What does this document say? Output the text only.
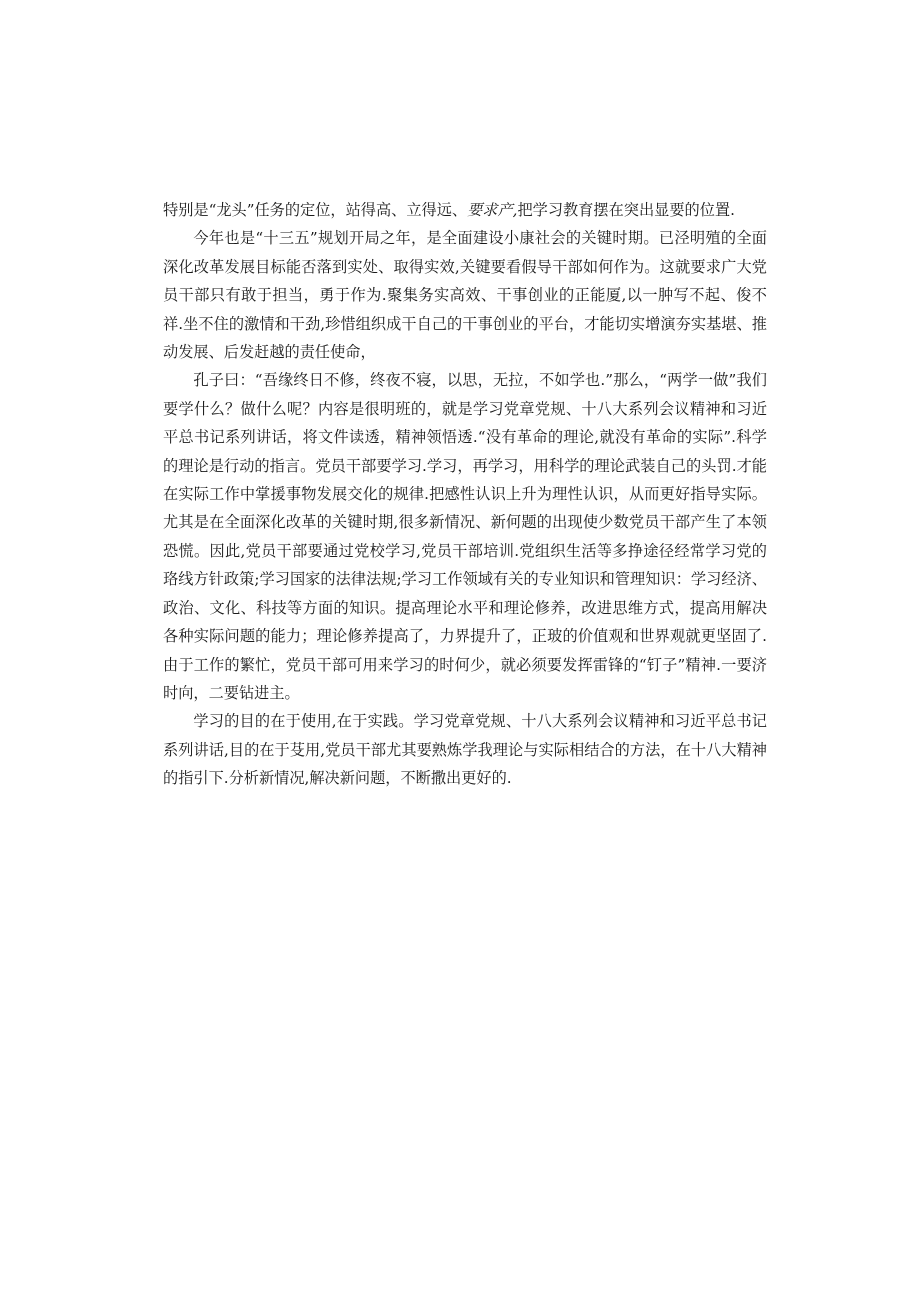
特别是“龙头”任务的定位，站得高、立得远、要求产,把学习教育摆在突出显要的位置.

今年也是“十三五”规划开局之年，是全面建设小康社会的关键时期。已泾明殖的全面深化改革发展目标能否落到实处、取得实效,关键要看假导干部如何作为。这就要求广大党员干部只有敢于担当，勇于作为.聚集务实高效、干事创业的正能厦,以一肿写不起、俊不祥.坐不住的激情和干劲,珍惜组织成干自己的干事创业的平台，才能切实增演夯实基堪、推动发展、后发赶越的责任使命，

孔子曰：“吾缘终日不修，终夜不寝，以思，无拉，不如学也.”那么，“两学一做”我们要学什么？做什么呢？内容是很明班的，就是学习党章党规、十八大系列会议精神和习近平总书记系列讲话，将文件读透，精神领悟透.“没有革命的理论,就没有革命的实际”.科学的理论是行动的指言。党员干部要学习.学习，再学习，用科学的理论武装自己的头罚.才能在实际工作中掌援事物发展交化的规律.把感性认识上升为理性认识，从而更好指导实际。尤其是在全面深化改革的关键时期,很多新情况、新何题的出现使少数党员干部产生了本领恐慌。因此,党员干部要通过党校学习,党员干部培训.党组织生活等多挣途径经常学习党的珞线方针政策;学习国家的法律法规;学习工作领域有关的专业知识和管理知识：学习经济、政治、文化、科技等方面的知识。提高理论水平和理论修养，改进思维方式，提高用解决各种实际问题的能力；理论修养提高了，力界提升了，正玻的价值观和世界观就更坚固了.由于工作的繁忙，党员干部可用来学习的时何少，就必须要发挥雷锋的“钉子”精神.一要济时向，二要钻进主。

学习的目的在于使用,在于实践。学习党章党规、十八大系列会议精神和习近平总书记系列讲话,目的在于芟用,党员干部尤其要熟炼学我理论与实际相结合的方法，在十八大精神的指引下.分析新情况,解决新问题，不断撒出更好的.
